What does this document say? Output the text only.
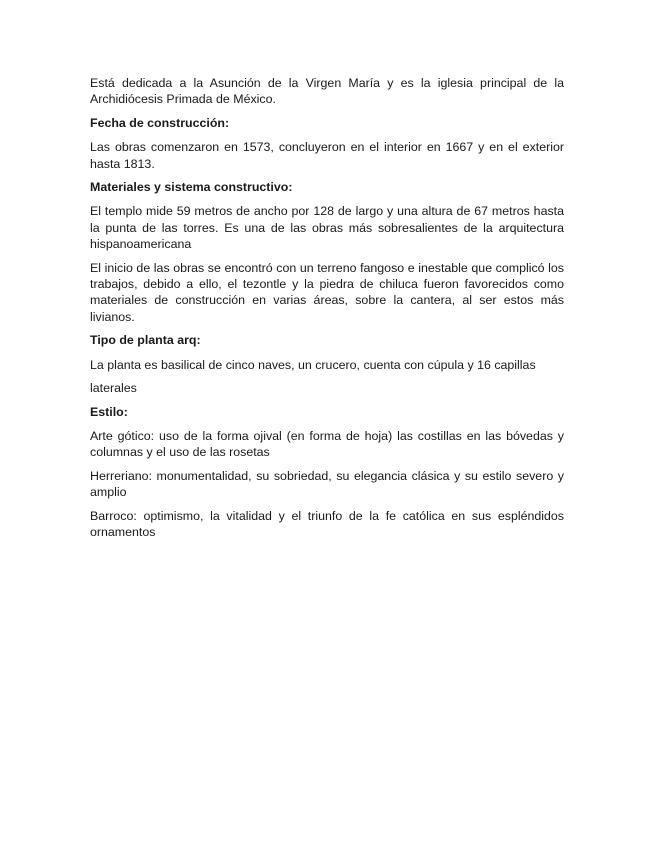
Está dedicada a la Asunción de la Virgen María y es la iglesia principal de la Archidiócesis Primada de México.

Fecha de construcción:

Las obras comenzaron en 1573, concluyeron en el interior en 1667 y en el exterior hasta 1813.

Materiales y sistema constructivo:

El templo mide 59 metros de ancho por 128 de largo y una altura de 67 metros hasta la punta de las torres. Es una de las obras más sobresalientes de la arquitectura hispanoamericana

El inicio de las obras se encontró con un terreno fangoso e inestable que complicó los trabajos, debido a ello, el tezontle y la piedra de chiluca fueron favorecidos como materiales de construcción en varias áreas, sobre la cantera, al ser estos más livianos.

Tipo de planta arq:

La planta es basilical de cinco naves, un crucero, cuenta con cúpula y 16 capillas

laterales

Estilo:

Arte gótico: uso de la forma ojival (en forma de hoja) las costillas en las bóvedas y columnas y el uso de las rosetas

Herreriano: monumentalidad, su sobriedad, su elegancia clásica y su estilo severo y amplio

Barroco: optimismo, la vitalidad y el triunfo de la fe católica en sus espléndidos ornamentos
